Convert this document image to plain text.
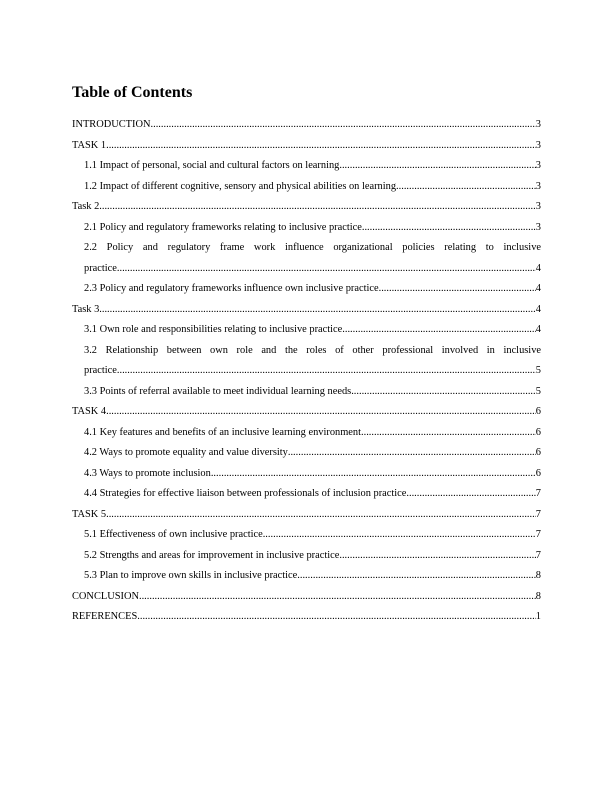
Table of Contents
INTRODUCTION .....	3
TASK 1 .....	3
1.1 Impact of personal, social and cultural factors on learning .....	3
1.2 Impact of different cognitive, sensory and physical abilities on learning .....	3
Task 2 .....	3
2.1 Policy and regulatory frameworks relating to inclusive practice .....	3
2.2 Policy and regulatory frame work influence organizational policies relating to inclusive
practice .....	4
2.3 Policy and regulatory frameworks influence own inclusive practice .....	4
Task 3 .....	4
3.1 Own role and responsibilities relating to inclusive practice .....	4
3.2 Relationship between own role and the roles of other professional involved in inclusive
practice .....	5
3.3 Points of referral available to meet individual learning needs .....	5
TASK 4 .....	6
4.1 Key features and benefits of an inclusive learning environment .....	6
4.2 Ways to promote equality and value diversity .....	6
4.3 Ways to promote inclusion .....	6
4.4 Strategies for effective liaison between professionals of inclusion practice .....	7
TASK 5 .....	7
5.1 Effectiveness of own inclusive practice .....	7
5.2 Strengths and areas for improvement in inclusive practice .....	7
5.3 Plan to improve own skills in inclusive practice .....	8
CONCLUSION .....	8
REFERENCES .....	1
